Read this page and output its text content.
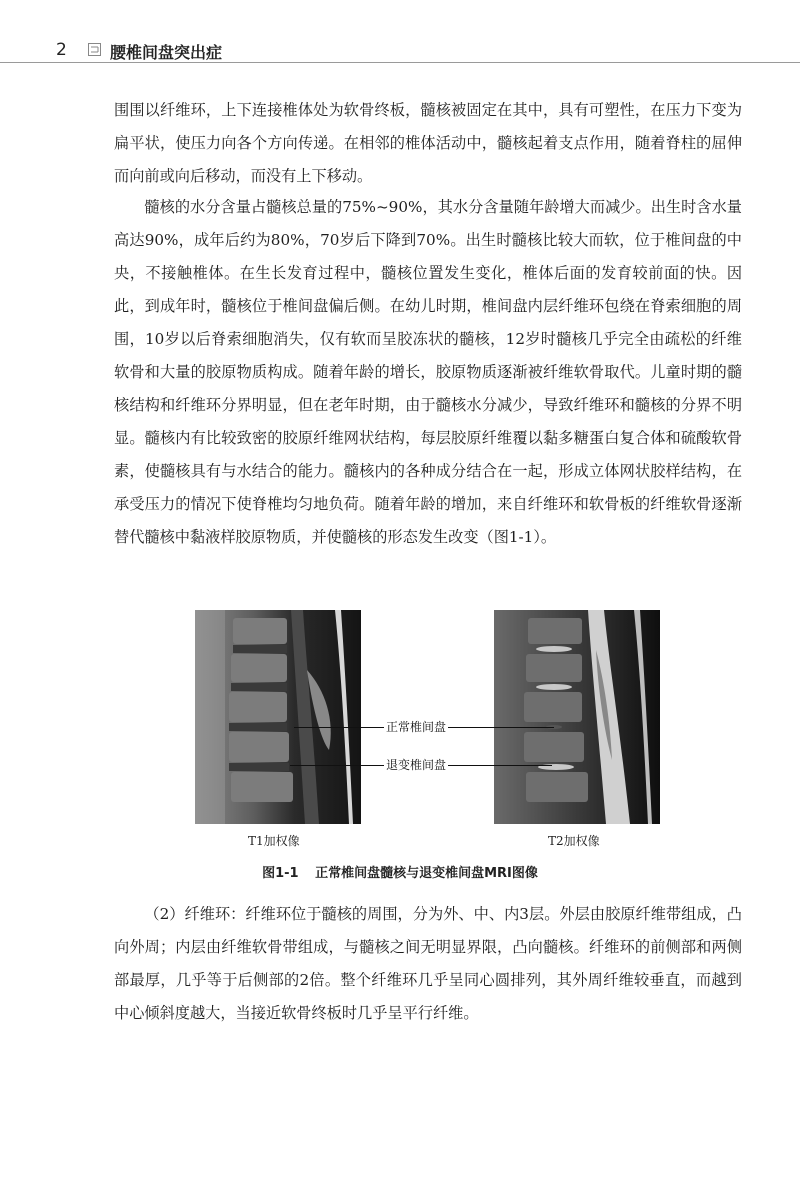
2	腰椎间盘突出症

围围以纤维环，上下连接椎体处为软骨终板，髓核被固定在其中，具有可塑性，在压力下变为扁平状，使压力向各个方向传递。在相邻的椎体活动中，髓核起着支点作用，随着脊柱的屈伸而向前或向后移动，而没有上下移动。

髓核的水分含量占髓核总量的75%~90%，其水分含量随年龄增大而减少。出生时含水量高达90%，成年后约为80%，70岁后下降到70%。出生时髓核比较大而软，位于椎间盘的中央，不接触椎体。在生长发育过程中，髓核位置发生变化，椎体后面的发育较前面的快。因此，到成年时，髓核位于椎间盘偏后侧。在幼儿时期，椎间盘内层纤维环包绕在脊索细胞的周围，10岁以后脊索细胞消失，仅有软而呈胶冻状的髓核，12岁时髓核几乎完全由疏松的纤维软骨和大量的胶原物质构成。随着年龄的增长，胶原物质逐渐被纤维软骨取代。儿童时期的髓核结构和纤维环分界明显，但在老年时期，由于髓核水分减少，导致纤维环和髓核的分界不明显。髓核内有比较致密的胶原纤维网状结构，每层胶原纤维覆以黏多糖蛋白复合体和硫酸软骨素，使髓核具有与水结合的能力。髓核内的各种成分结合在一起，形成立体网状胶样结构，在承受压力的情况下使脊椎均匀地负荷。随着年龄的增加，来自纤维环和软骨板的纤维软骨逐渐替代髓核中黏液样胶原物质，并使髓核的形态发生改变（图1-1）。

正常椎间盘
退变椎间盘
T1加权像	T2加权像
图1-1 正常椎间盘髓核与退变椎间盘MRI图像

（2）纤维环：纤维环位于髓核的周围，分为外、中、内3层。外层由胶原纤维带组成，凸向外周；内层由纤维软骨带组成，与髓核之间无明显界限，凸向髓核。纤维环的前侧部和两侧部最厚，几乎等于后侧部的2倍。整个纤维环几乎呈同心圆排列，其外周纤维较垂直，而越到中心倾斜度越大，当接近软骨终板时几乎呈平行纤维。
